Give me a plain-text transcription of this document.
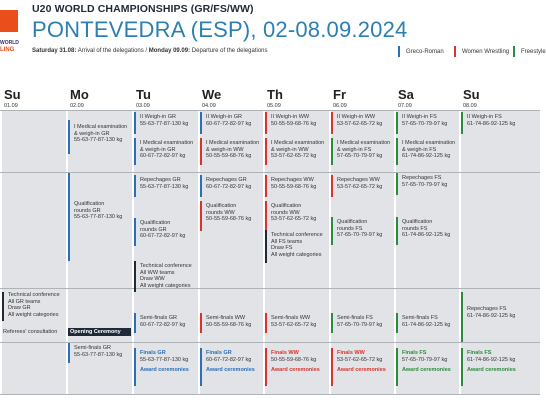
WORLD
LING
U20 WORLD CHAMPIONSHIPS (GR/FS/WW)
PONTEVEDRA (ESP), 02-08.09.2024
Saturday 31.08: Arrival of the delegations / Monday 09.09: Departure of the delegations	Greco-Roman	Women Wrestling Freestyle
Su
01.09
Mo
02.09
Tu
03.09
We
04.09
Th
05.09
Fr
06.09
Sa
07.09
Su
08.09
Technical conference
All GR teams
Draw GR
All weight categories
Referees' consultation	Opening Ceremony
I Medical examination
& weigh-in GR
55-63-77-87-130 kg
Qualification
rounds GR
55-63-77-87-130 kg
Semi-finals GR
55-63-77-87-130 kg
II Weigh-in GR
55-63-77-87-130 kg
I Medical examination
& weigh-in GR
60-67-72-82-97 kg
Repechages GR
55-63-77-87-130 kg
Qualification
rounds GR
60-67-72-82-97 kg
Technical conference
All WW teams
Draw WW
All weight categories
Semi-finals GR
60-67-72-82-97 kg
Finals GR
55-63-77-87-130 kg
Award ceremonies
II Weigh-in GR
60-67-72-82-97 kg
I Medical examination
& weigh-in WW
50-55-59-68-76 kg
Repechages GR
60-67-72-82-97 kg
Qualification
rounds WW
50-55-59-68-76 kg
Semi-finals WW
50-55-59-68-76 kg
Finals GR
60-67-72-82-97 kg
Award ceremonies
II Weigh-in WW
50-55-59-68-76 kg
I Medical examination
& weigh-in WW
53-57-62-65-72 kg
Repechages WW
50-55-59-68-76 kg
Qualification
rounds WW
53-57-62-65-72 kg
Technical conference
All FS teams
Draw FS
All weight categories
Semi-finals WW
53-57-62-65-72 kg
Finals WW
50-55-59-68-76 kg
Award ceremonies
II Weigh-in WW
53-57-62-65-72 kg
I Medical examination
& weigh-in FS
57-65-70-79-97 kg
Repechages WW
53-57-62-65-72 kg
Qualification
rounds FS
57-65-70-79-97 kg
Semi-finals FS
57-65-70-79-97 kg
Finals WW
53-57-62-65-72 kg
Award ceremonies
II Weigh-in FS
57-65-70-79-97 kg
I Medical examination
& weigh-in FS
61-74-86-92-125 kg
Repechages FS
57-65-70-79-97 kg
Qualification
rounds FS
61-74-86-92-125 kg
Semi-finals FS
61-74-86-92-125 kg
Finals FS
57-65-70-79-97 kg
Award ceremonies
II Weigh-in FS
61-74-86-92-125 kg
Repechages FS
61-74-86-92-125 kg
Finals FS
61-74-86-92-125 kg
Award ceremonies
